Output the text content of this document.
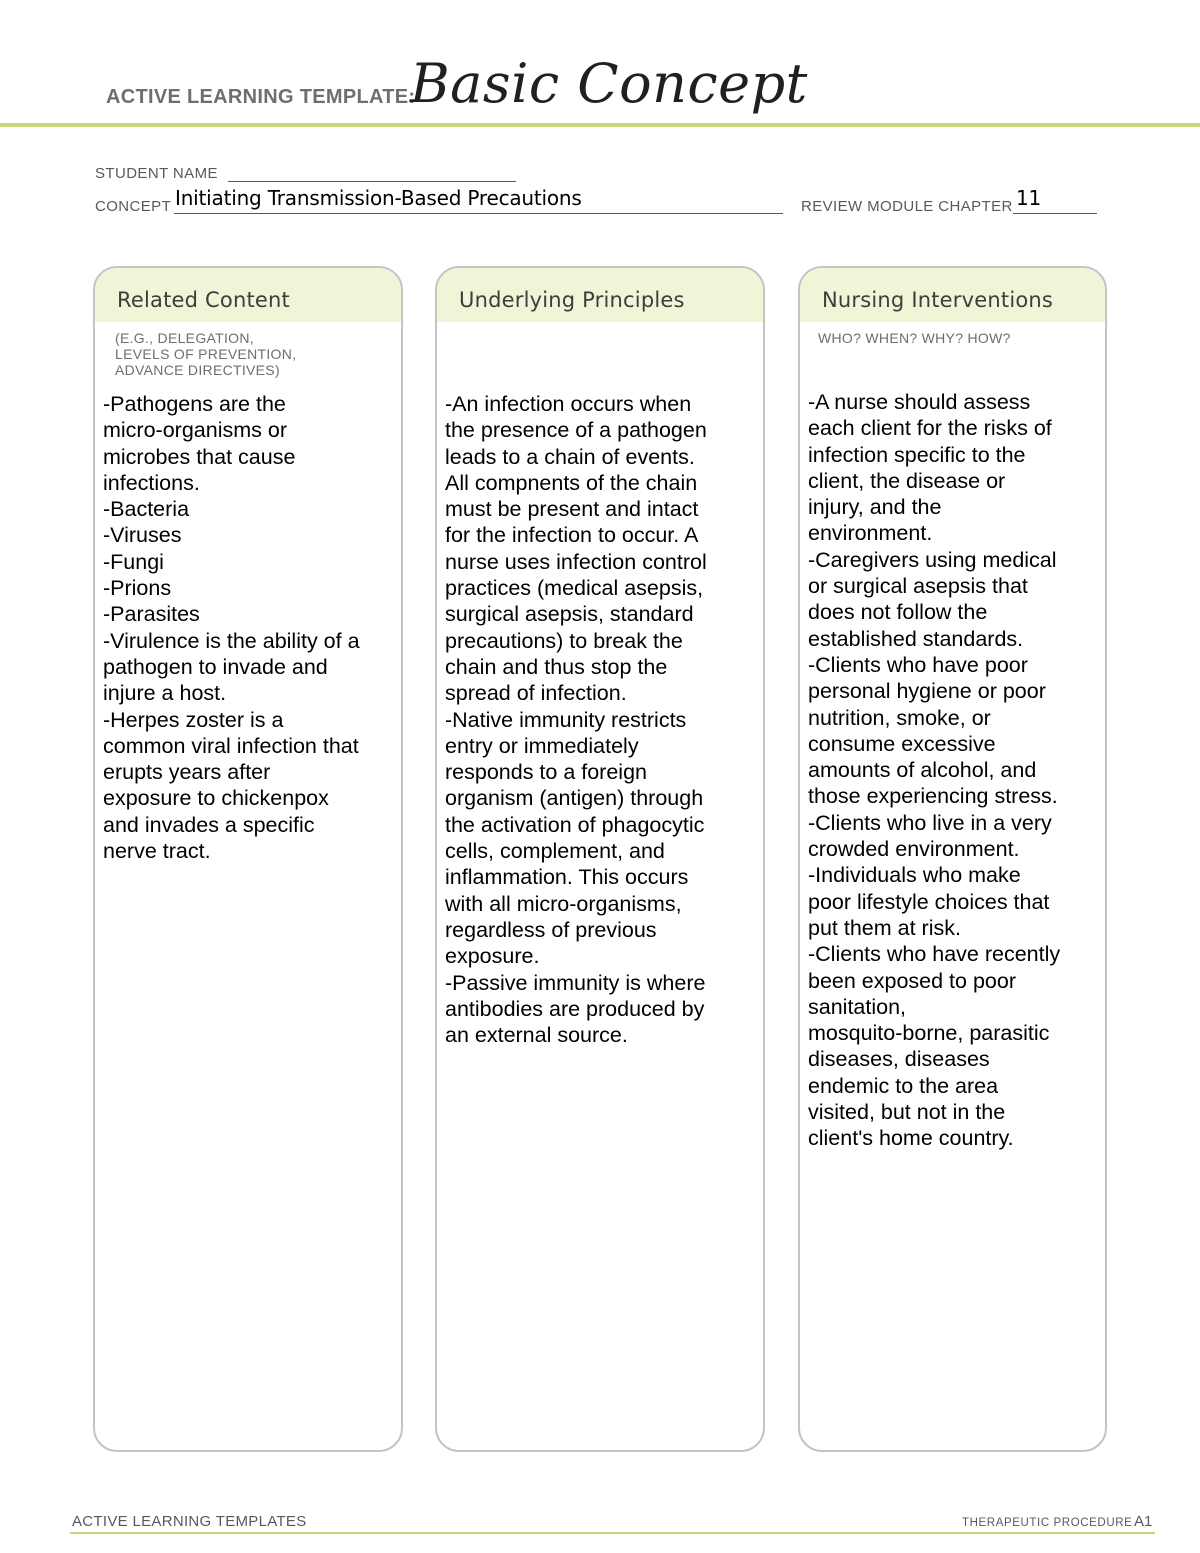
ACTIVE LEARNING TEMPLATE:
Basic Concept
STUDENT NAME
CONCEPT Initiating Transmission-Based Precautions	REVIEW MODULE CHAPTER 11
Related Content
(E.G., DELEGATION,
LEVELS OF PREVENTION,
ADVANCE DIRECTIVES)
-Pathogens are the
micro-organisms or
microbes that cause
infections.
-Bacteria
-Viruses
-Fungi
-Prions
-Parasites
-Virulence is the ability of a
pathogen to invade and
injure a host.
-Herpes zoster is a
common viral infection that
erupts years after
exposure to chickenpox
and invades a specific
nerve tract.
Underlying Principles
-An infection occurs when
the presence of a pathogen
leads to a chain of events.
All compnents of the chain
must be present and intact
for the infection to occur. A
nurse uses infection control
practices (medical asepsis,
surgical asepsis, standard
precautions) to break the
chain and thus stop the
spread of infection.
-Native immunity restricts
entry or immediately
responds to a foreign
organism (antigen) through
the activation of phagocytic
cells, complement, and
inflammation. This occurs
with all micro-organisms,
regardless of previous
exposure.
-Passive immunity is where
antibodies are produced by
an external source.
Nursing Interventions
WHO? WHEN? WHY? HOW?
-A nurse should assess
each client for the risks of
infection specific to the
client, the disease or
injury, and the
environment.
-Caregivers using medical
or surgical asepsis that
does not follow the
established standards.
-Clients who have poor
personal hygiene or poor
nutrition, smoke, or
consume excessive
amounts of alcohol, and
those experiencing stress.
-Clients who live in a very
crowded environment.
-Individuals who make
poor lifestyle choices that
put them at risk.
-Clients who have recently
been exposed to poor
sanitation,
mosquito-borne, parasitic
diseases, diseases
endemic to the area
visited, but not in the
client's home country.
ACTIVE LEARNING TEMPLATES	THERAPEUTIC PROCEDURE A1
